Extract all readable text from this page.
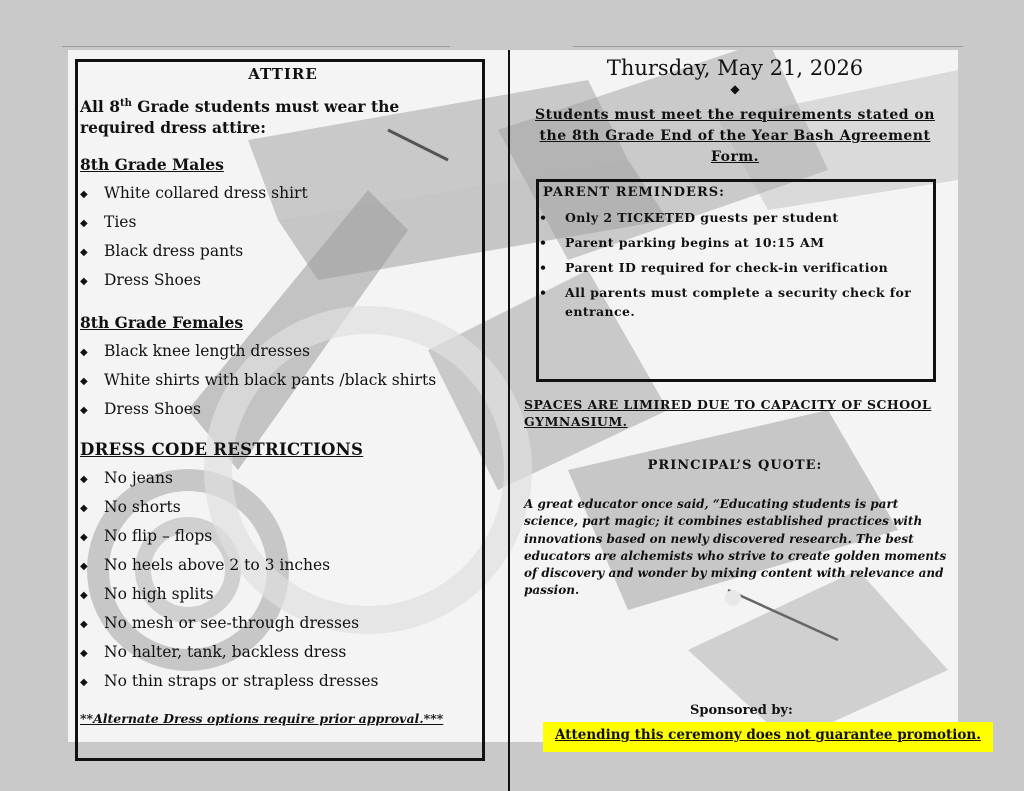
ATTIRE

All 8th Grade students must wear the required dress attire:

8th Grade Males

◆ White collared dress shirt
◆ Ties
◆ Black dress pants
◆ Dress Shoes

8th Grade Females

◆ Black knee length dresses
◆ White shirts with black pants /black shirts
◆ Dress Shoes

DRESS CODE RESTRICTIONS

◆ No jeans
◆ No shorts
◆ No flip – flops
◆ No heels above 2 to 3 inches
◆ No high splits
◆ No mesh or see-through dresses
◆ No halter, tank, backless dress
◆ No thin straps or strapless dresses

**Alternate Dress options require prior approval.***

Thursday, May 21, 2026

◆

Students must meet the requirements stated on the 8th Grade End of the Year Bash Agreement Form.

PARENT REMINDERS:

• Only 2 TICKETED guests per student
• Parent parking begins at 10:15 AM
• Parent ID required for check-in verification
• All parents must complete a security check for entrance.

SPACES ARE LIMIRED DUE TO CAPACITY OF SCHOOL GYMNASIUM.

PRINCIPAL’S QUOTE:

A great educator once said, “Educating students is part science, part magic; it combines established practices with innovations based on newly discovered research. The best educators are alchemists who strive to create golden moments of discovery and wonder by mixing content with relevance and passion.

Sponsored by:

Attending this ceremony does not guarantee promotion.
